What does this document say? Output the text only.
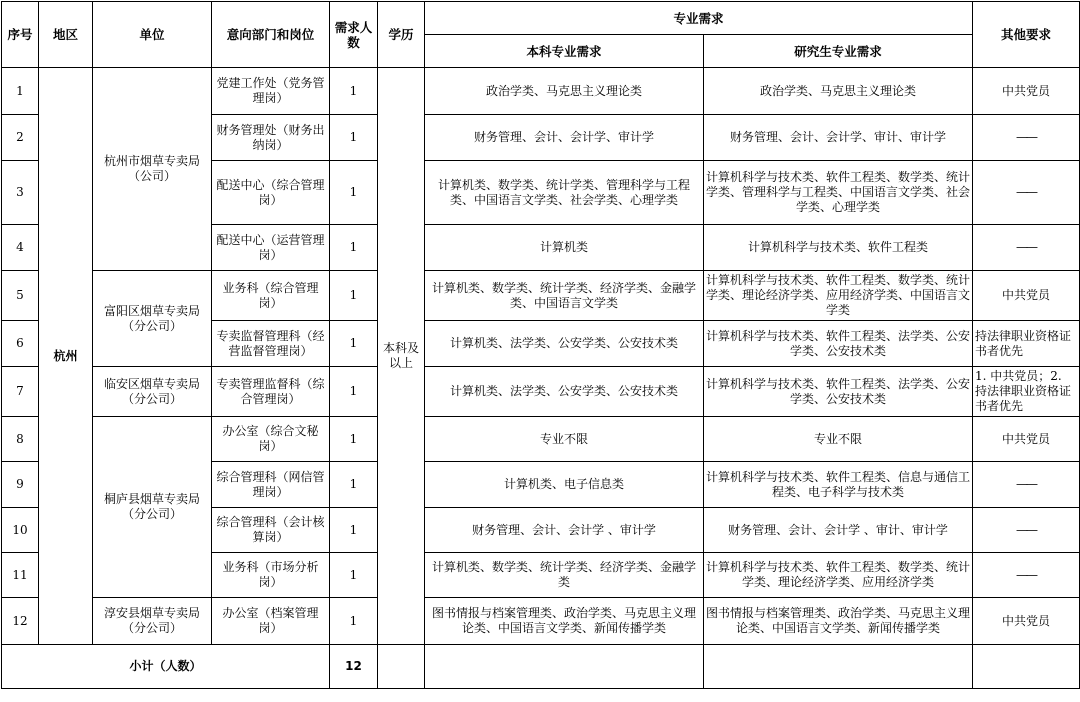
序号	地区	单位	意向部门和岗位	需求人数	学历	专业需求		其他要求
						本科专业需求	研究生专业需求	
1	杭州	杭州市烟草专卖局（公司）	党建工作处（党务管理岗）	1	本科及以上	政治学类、马克思主义理论类	政治学类、马克思主义理论类	中共党员
2			财务管理处（财务出纳岗）	1		财务管理、会计、会计学、审计学	财务管理、会计、会计学、审计、审计学	——
3			配送中心（综合管理岗）	1		计算机类、数学类、统计学类、管理科学与工程类、中国语言文学类、社会学类、心理学类	计算机科学与技术类、软件工程类、数学类、统计学类、管理科学与工程类、中国语言文学类、社会学类、心理学类	——
4			配送中心（运营管理岗）	1		计算机类	计算机科学与技术类、软件工程类	——
5		富阳区烟草专卖局（分公司）	业务科（综合管理岗）	1		计算机类、数学类、统计学类、经济学类、金融学类、中国语言文学类	计算机科学与技术类、软件工程类、数学类、统计学类、理论经济学类、应用经济学类、中国语言文学类	中共党员
6			专卖监督管理科（经营监督管理岗）	1		计算机类、法学类、公安学类、公安技术类	计算机科学与技术类、软件工程类、法学类、公安学类、公安技术类	持法律职业资格证书者优先
7		临安区烟草专卖局（分公司）	专卖管理监督科（综合管理岗）	1		计算机类、法学类、公安学类、公安技术类	计算机科学与技术类、软件工程类、法学类、公安学类、公安技术类	1. 中共党员；2. 持法律职业资格证书者优先
8		桐庐县烟草专卖局（分公司）	办公室（综合文秘岗）	1		专业不限	专业不限	中共党员
9			综合管理科（网信管理岗）	1		计算机类、电子信息类	计算机科学与技术类、软件工程类、信息与通信工程类、电子科学与技术类	——
10			综合管理科（会计核算岗）	1		财务管理、会计、会计学 、审计学	财务管理、会计、会计学 、审计、审计学	——
11			业务科（市场分析岗）	1		计算机类、数学类、统计学类、经济学类、金融学类	计算机科学与技术类、软件工程类、数学类、统计学类、理论经济学类、应用经济学类	——
12		淳安县烟草专卖局（分公司）	办公室（档案管理岗）	1		图书情报与档案管理类、政治学类、马克思主义理论类、中国语言文学类、新闻传播学类	图书情报与档案管理类、政治学类、马克思主义理论类、中国语言文学类、新闻传播学类	中共党员
小计（人数）				12				
